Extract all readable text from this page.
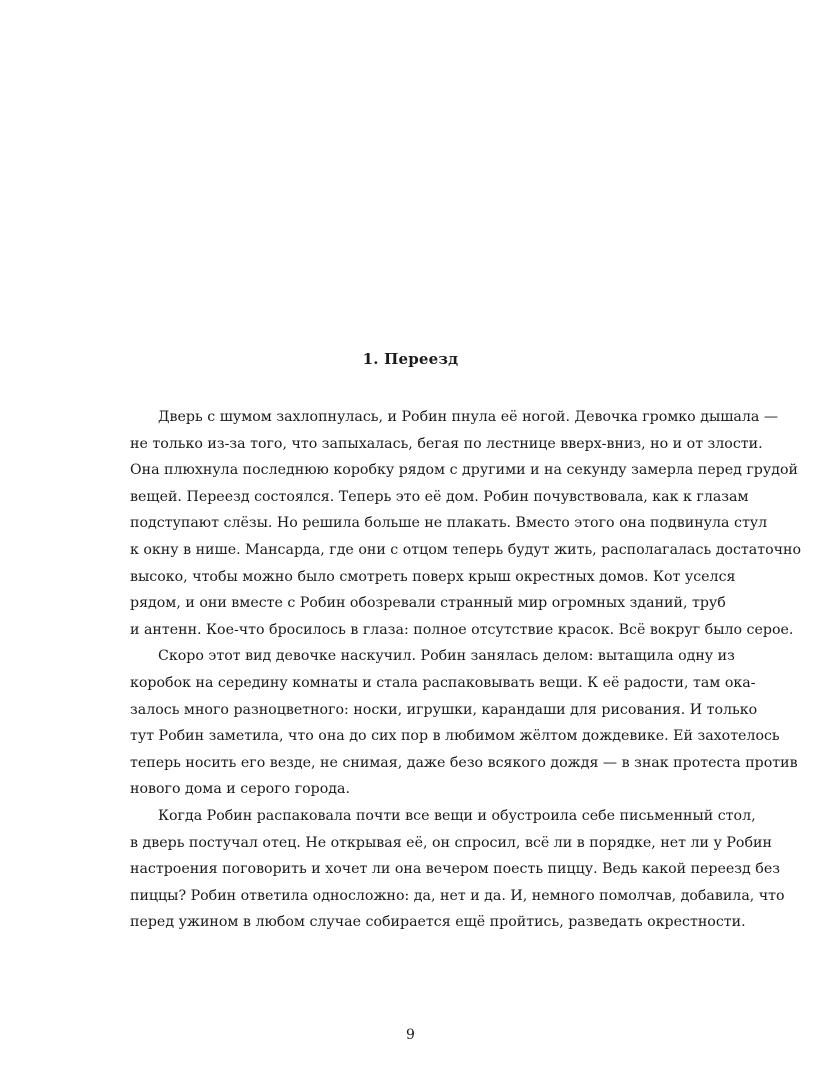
1. Переезд
Дверь с шумом захлопнулась, и Робин пнула её ногой. Девочка громко дышала —
не только из-за того, что запыхалась, бегая по лестнице вверх-вниз, но и от злости.
Она плюхнула последнюю коробку рядом с другими и на секунду замерла перед грудой
вещей. Переезд состоялся. Теперь это её дом. Робин почувствовала, как к глазам
подступают слёзы. Но решила больше не плакать. Вместо этого она подвинула стул
к окну в нише. Мансарда, где они с отцом теперь будут жить, располагалась достаточно
высоко, чтобы можно было смотреть поверх крыш окрестных домов. Кот уселся
рядом, и они вместе с Робин обозревали странный мир огромных зданий, труб
и антенн. Кое-что бросилось в глаза: полное отсутствие красок. Всё вокруг было серое.
Скоро этот вид девочке наскучил. Робин занялась делом: вытащила одну из
коробок на середину комнаты и стала распаковывать вещи. К её радости, там ока-
залось много разноцветного: носки, игрушки, карандаши для рисования. И только
тут Робин заметила, что она до сих пор в любимом жёлтом дождевике. Ей захотелось
теперь носить его везде, не снимая, даже безо всякого дождя — в знак протеста против
нового дома и серого города.
Когда Робин распаковала почти все вещи и обустроила себе письменный стол,
в дверь постучал отец. Не открывая её, он спросил, всё ли в порядке, нет ли у Робин
настроения поговорить и хочет ли она вечером поесть пиццу. Ведь какой переезд без
пиццы? Робин ответила односложно: да, нет и да. И, немного помолчав, добавила, что
перед ужином в любом случае собирается ещё пройтись, разведать окрестности.
9
